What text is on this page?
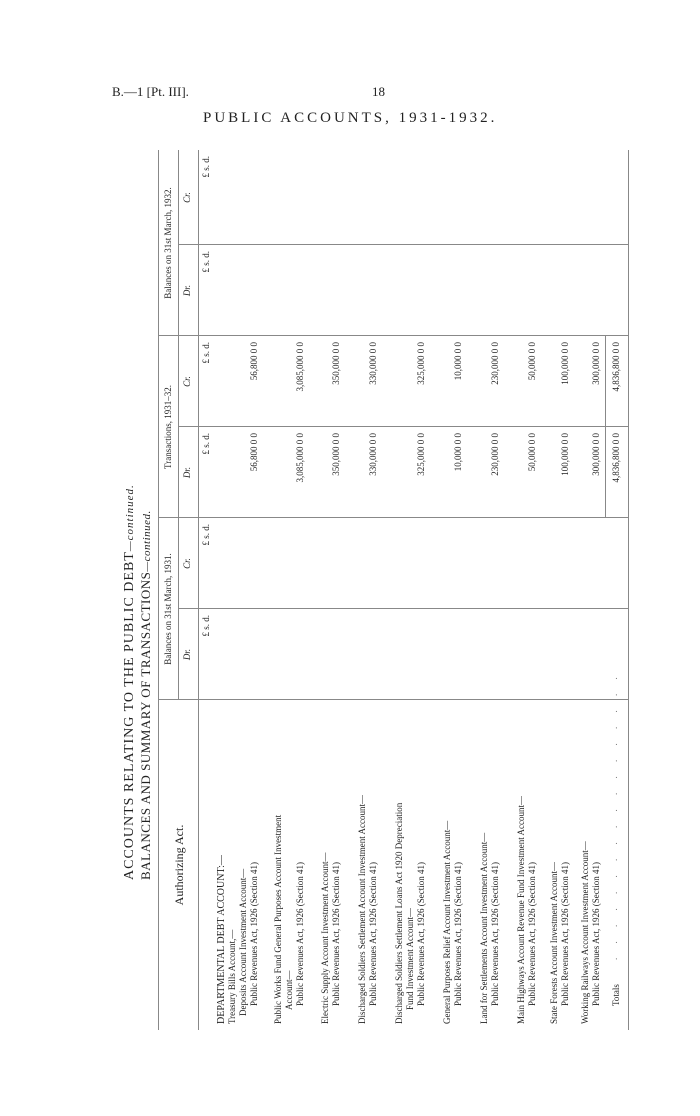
B.—1 [Pt. III].	18
PUBLIC ACCOUNTS, 1931-1932.
ACCOUNTS RELATING TO THE PUBLIC DEBT—continued.
BALANCES AND SUMMARY OF TRANSACTIONS—continued.
Authorizing Act.
Balances on 31st March, 1931.
Transactions, 1931–32.
Balances on 31st March, 1932.
Dr.
Cr.
Dr.
Cr.
Dr.
Cr.
£ s. d.
£ s. d.
£ s. d.
£ s. d.
£ s. d.
£ s. d.
DEPARTMENTAL DEBT ACCOUNT:— Treasury Bills Account,— Deposits Account Investment Account— Public Revenues Act, 1926 (Section 41)
56,800 0 0
56,800 0 0
Public Works Fund General Purposes Account Investment Account— Public Revenues Act, 1926 (Section 41)
3,085,000 0 0
3,085,000 0 0
Electric Supply Account Investment Account— Public Revenues Act, 1926 (Section 41)
350,000 0 0
350,000 0 0
Discharged Soldiers Settlement Account Investment Account— Public Revenues Act, 1926 (Section 41)
330,000 0 0
330,000 0 0
Discharged Soldiers Settlement Loans Act 1920 Depreciation Fund Investment Account— Public Revenues Act, 1926 (Section 41)
325,000 0 0
325,000 0 0
General Purposes Relief Account Investment Account— Public Revenues Act, 1926 (Section 41)
10,000 0 0
10,000 0 0
Land for Settlements Account Investment Account— Public Revenues Act, 1926 (Section 41)
230,000 0 0
230,000 0 0
Main Highways Account Revenue Fund Investment Account— Public Revenues Act, 1926 (Section 41)
50,000 0 0
50,000 0 0
State Forests Account Investment Account— Public Revenues Act, 1926 (Section 41)
100,000 0 0
100,000 0 0
Working Railways Account Investment Account— Public Revenues Act, 1926 (Section 41)
300,000 0 0
300,000 0 0
Totals
. . . . . . . . . . . . . . . . . .
4,836,800 0 0
4,836,800 0 0
